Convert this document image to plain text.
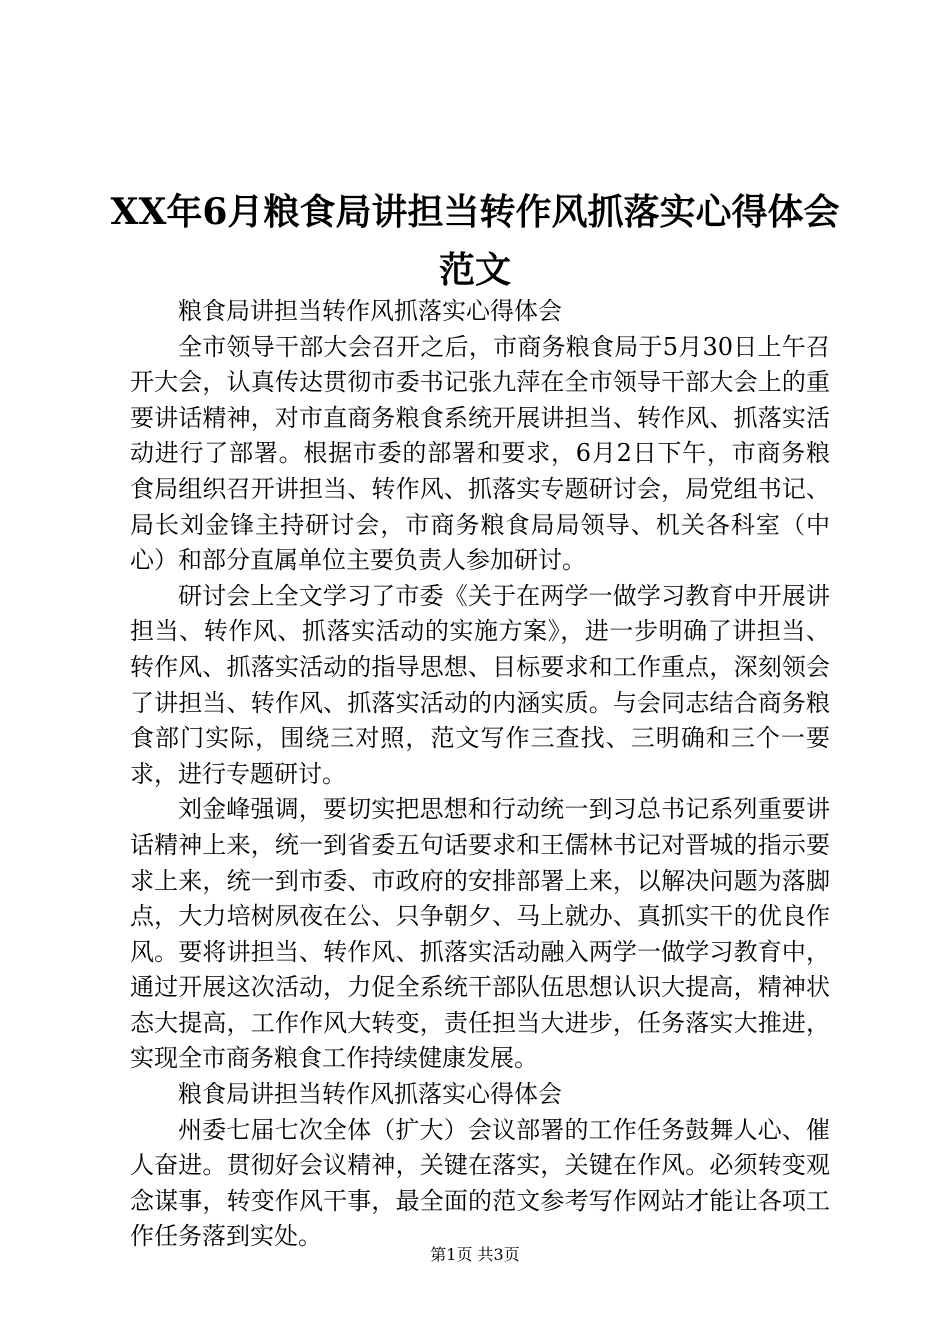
XX年6月粮食局讲担当转作风抓落实心得体会
范文

粮食局讲担当转作风抓落实心得体会

全市领导干部大会召开之后，市商务粮食局于5月30日上午召开大会，认真传达贯彻市委书记张九萍在全市领导干部大会上的重要讲话精神，对市直商务粮食系统开展讲担当、转作风、抓落实活动进行了部署。根据市委的部署和要求，6月2日下午，市商务粮食局组织召开讲担当、转作风、抓落实专题研讨会，局党组书记、局长刘金锋主持研讨会，市商务粮食局局领导、机关各科室（中心）和部分直属单位主要负责人参加研讨。

研讨会上全文学习了市委《关于在两学一做学习教育中开展讲担当、转作风、抓落实活动的实施方案》，进一步明确了讲担当、转作风、抓落实活动的指导思想、目标要求和工作重点，深刻领会了讲担当、转作风、抓落实活动的内涵实质。与会同志结合商务粮食部门实际，围绕三对照，范文写作三查找、三明确和三个一要求，进行专题研讨。

刘金峰强调，要切实把思想和行动统一到习总书记系列重要讲话精神上来，统一到省委五句话要求和王儒林书记对晋城的指示要求上来，统一到市委、市政府的安排部署上来，以解决问题为落脚点，大力培树夙夜在公、只争朝夕、马上就办、真抓实干的优良作风。要将讲担当、转作风、抓落实活动融入两学一做学习教育中，通过开展这次活动，力促全系统干部队伍思想认识大提高，精神状态大提高，工作作风大转变，责任担当大进步，任务落实大推进，实现全市商务粮食工作持续健康发展。

粮食局讲担当转作风抓落实心得体会

州委七届七次全体（扩大）会议部署的工作任务鼓舞人心、催人奋进。贯彻好会议精神，关键在落实，关键在作风。必须转变观念谋事，转变作风干事，最全面的范文参考写作网站才能让各项工作任务落到实处。

第1页 共3页
